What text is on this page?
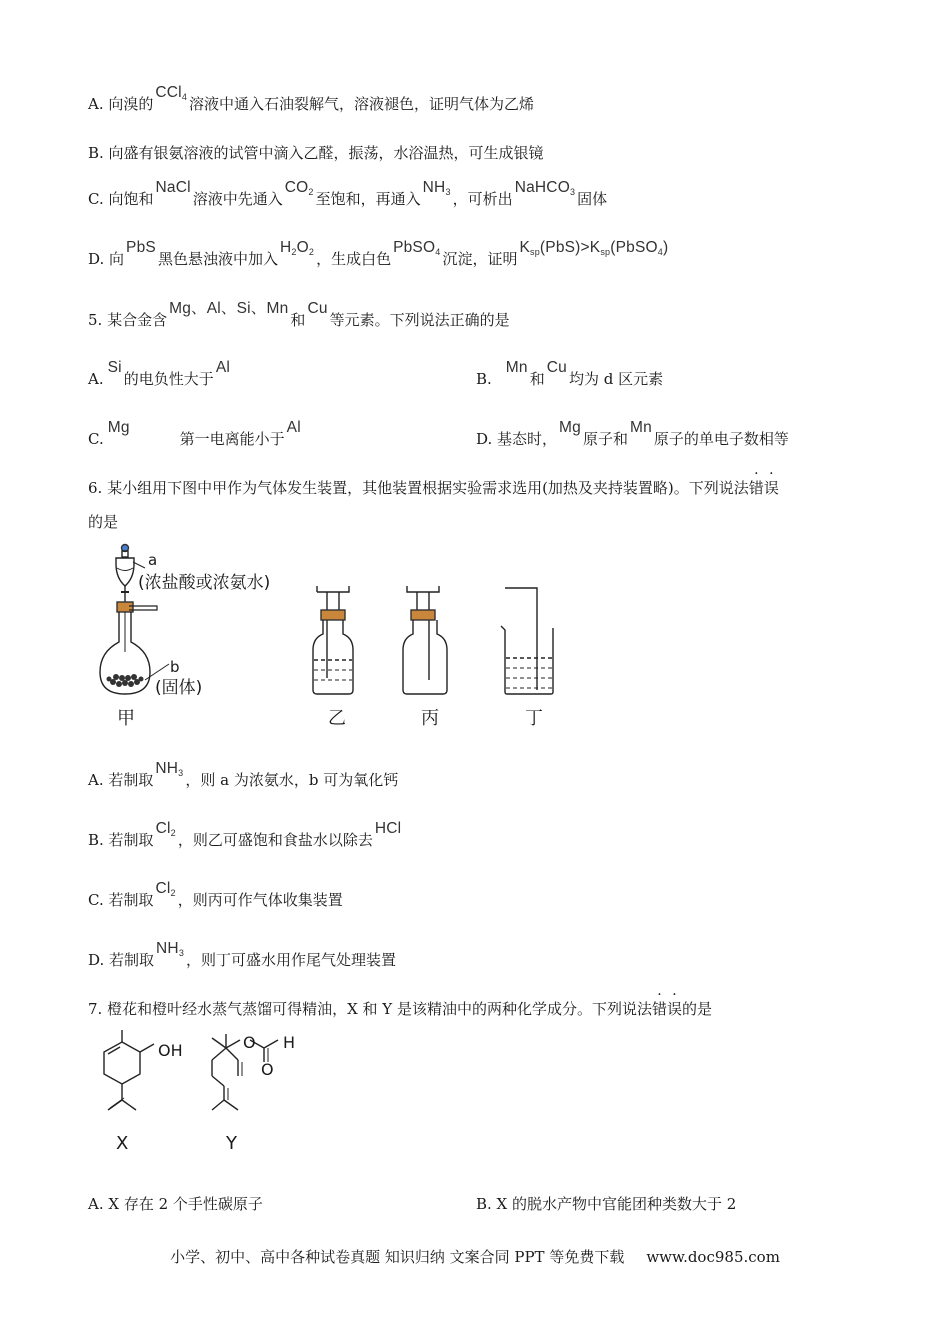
A. 向溴的CCl$_4$ 溶液中通入石油裂解气，溶液褪色，证明气体为乙烯
B. 向盛有银氨溶液的试管中滴入乙醛，振荡，水浴温热，可生成银镜
C. 向饱和NaCl溶液中先通入$CO_2$ 至饱和，再通入$NH_3$ ，可析出NaHCO$_3$ 固体
D. 向PbS黑色悬浊液中加入$H_2O_2$ ，生成白色PbSO$_4$ 沉淀，证明$K_{sp}(PbS)>K_{sp}(PbSO_4)$
5. 某合金含Mg、Al、Si、Mn和Cu等元素。下列说法正确的是
A.Si的电负性大于Al
B.Mn和Cu均为 d 区元素
C.Mg第一电离能小于Al
D. 基态时，Mg原子和Mn原子的单电子数相等
6. 某小组用下图中甲作为气体发生装置，其他装置根据实验需求选用(加热及夹持装置略)。下列说法错误
的是
a
(浓盐酸或浓氨水)
b
(固体)
甲	乙	丙	丁
A. 若制取$NH_3$ ，则 a 为浓氨水，b 可为氧化钙
B. 若制取$Cl_2$ ，则乙可盛饱和食盐水以除去HCl
C. 若制取$Cl_2$ ，则丙可作气体收集装置
D. 若制取$NH_3$ ，则丁可盛水用作尾气处理装置
7. 橙花和橙叶经水蒸气蒸馏可得精油，X 和 Y 是该精油中的两种化学成分。下列说法错误的是
OH	O
O
H
X	Y
A. X 存在 2 个手性碳原子	B. X 的脱水产物中官能团种类数大于 2
小学、初中、高中各种试卷真题 知识归纳 文案合同 PPT 等免费下载 www.doc985.com
